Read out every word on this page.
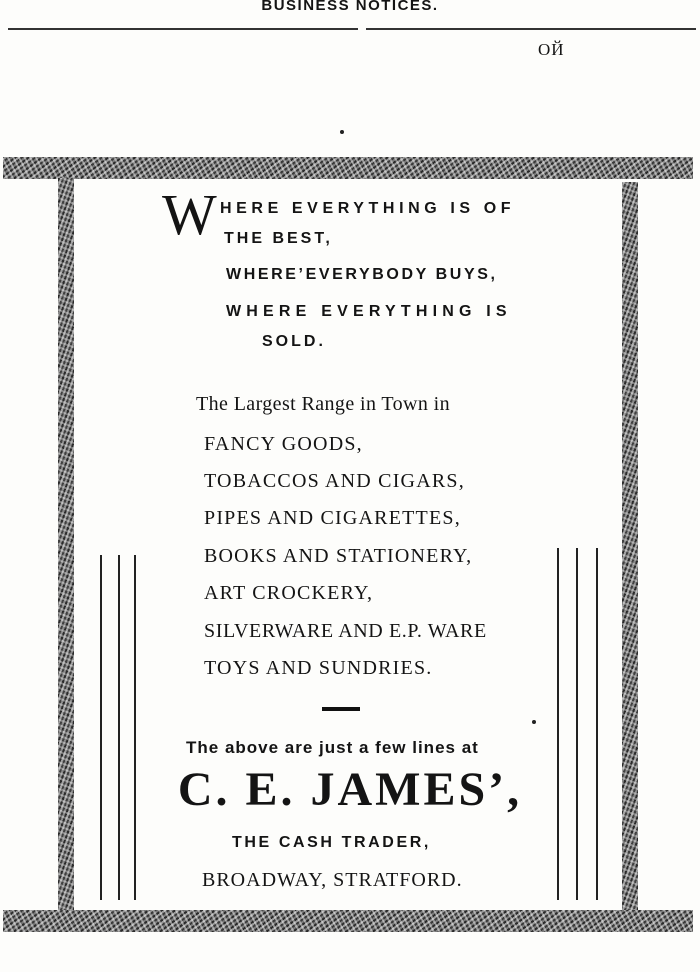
BUSINESS NOTICES.
OЙ
W HERE EVERYTHING IS OF
THE BEST,
WHERE’EVERYBODY BUYS,
WHERE EVERYTHING IS
SOLD.
The Largest Range in Town in
FANCY GOODS,
TOBACCOS AND CIGARS,
PIPES AND CIGARETTES,
BOOKS AND STATIONERY,
ART CROCKERY,
SILVERWARE AND E.P. WARE
TOYS AND SUNDRIES.
The above are just a few lines at
C. E. JAMES’,
THE CASH TRADER,
BROADWAY, STRATFORD.
